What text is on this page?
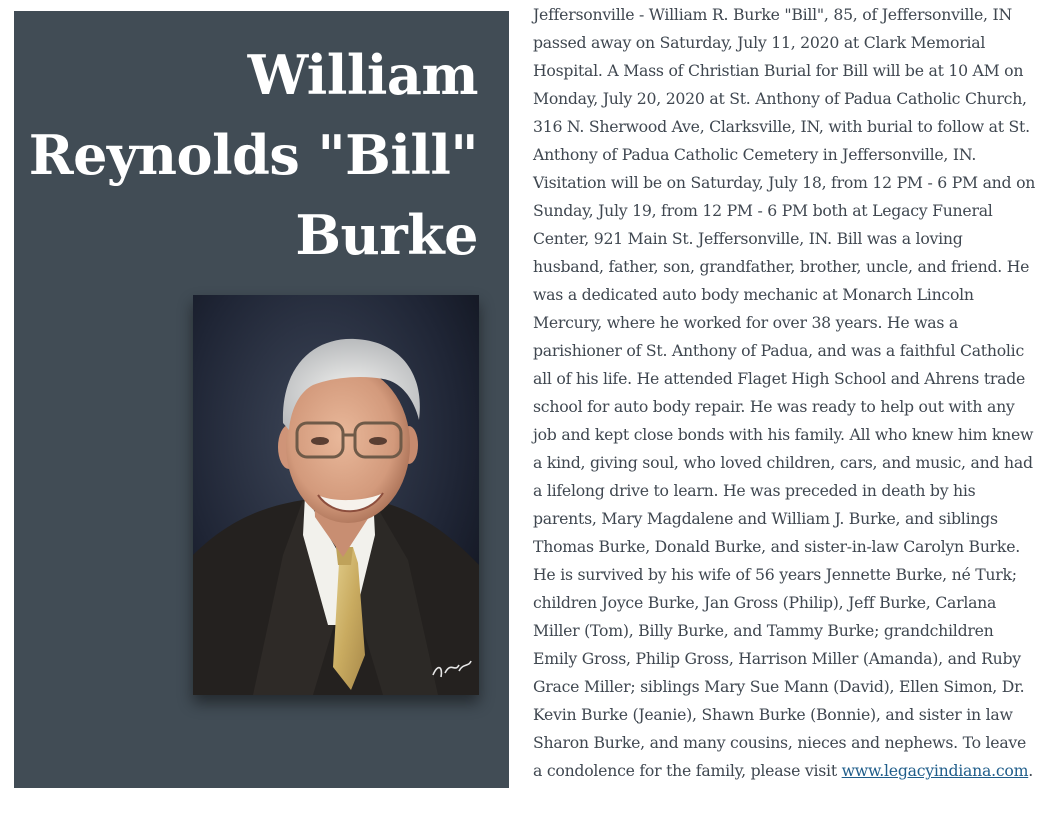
William
Reynolds "Bill"
Burke

Jeffersonville - William R. Burke "Bill", 85, of Jeffersonville, IN passed away on Saturday, July 11, 2020 at Clark Memorial Hospital. A Mass of Christian Burial for Bill will be at 10 AM on Monday, July 20, 2020 at St. Anthony of Padua Catholic Church, 316 N. Sherwood Ave, Clarksville, IN, with burial to follow at St. Anthony of Padua Catholic Cemetery in Jeffersonville, IN. Visitation will be on Saturday, July 18, from 12 PM - 6 PM and on Sunday, July 19, from 12 PM - 6 PM both at Legacy Funeral Center, 921 Main St. Jeffersonville, IN. Bill was a loving husband, father, son, grandfather, brother, uncle, and friend. He was a dedicated auto body mechanic at Monarch Lincoln Mercury, where he worked for over 38 years. He was a parishioner of St. Anthony of Padua, and was a faithful Catholic all of his life. He attended Flaget High School and Ahrens trade school for auto body repair. He was ready to help out with any job and kept close bonds with his family. All who knew him knew a kind, giving soul, who loved children, cars, and music, and had a lifelong drive to learn. He was preceded in death by his parents, Mary Magdalene and William J. Burke, and siblings Thomas Burke, Donald Burke, and sister-in-law Carolyn Burke. He is survived by his wife of 56 years Jennette Burke, né Turk; children Joyce Burke, Jan Gross (Philip), Jeff Burke, Carlana Miller (Tom), Billy Burke, and Tammy Burke; grandchildren Emily Gross, Philip Gross, Harrison Miller (Amanda), and Ruby Grace Miller; siblings Mary Sue Mann (David), Ellen Simon, Dr. Kevin Burke (Jeanie), Shawn Burke (Bonnie), and sister in law Sharon Burke, and many cousins, nieces and nephews. To leave a condolence for the family, please visit www.legacyindiana.com.
